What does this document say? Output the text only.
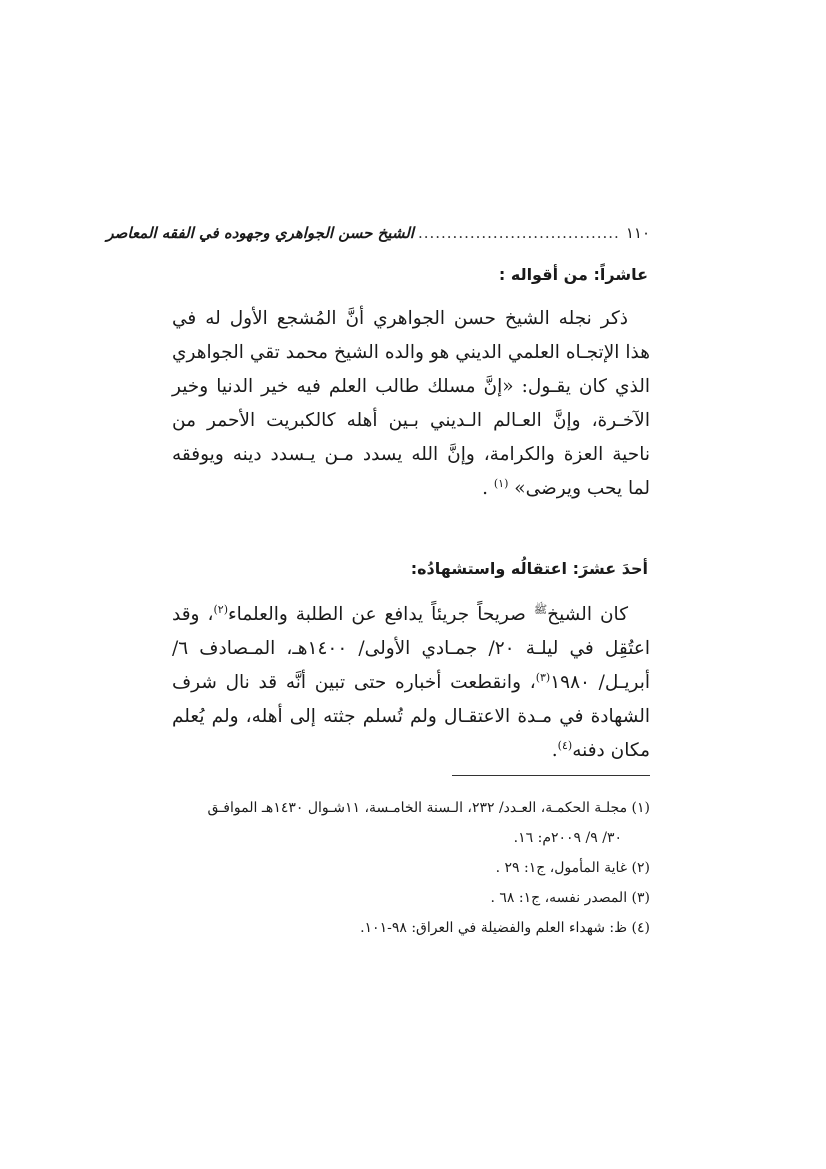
١١٠
...................................
الشيخ حسن الجواهري وجهوده في الفقه المعاصر
عاشراً: من أقواله :

ذكر نجله الشيخ حسن الجواهري أنَّ المُشجع الأول له في هذا الإتجـاه العلمي الديني هو والده الشيخ محمد تقي الجواهري الذي كان يقـول: «إنَّ مسلك طالب العلم فيه خير الدنيا وخير الآخـرة، وإنَّ العـالم الـديني بـين أهله كالكبريت الأحمر من ناحية العزة والكرامة، وإنَّ الله يسدد مـن يـسدد دينه ويوفقه لما يحب ويرضى» $^{(١)}$ .

أحدَ عشرَ: اعتقالُه واستشهادُه:

كان الشيخ$^ﷺ$ صريحاً جريئاً يدافع عن الطلبة والعلماء$^{(٢)}$، وقد اعتُقِل في ليلـة ٢٠/ جمـادي الأولى/ ١٤٠٠هـ، المـصادف ٦/ أبريـل/ ١٩٨٠$^{(٣)}$، وانقطعت أخباره حتى تبين أنَّه قد نال شرف الشهادة في مـدة الاعتقـال ولم تُسلم جثته إلى أهله، ولم يُعلم مكان دفنه$^{(٤)}$.

(١) مجلـة الحكمـة، العـدد/ ٢٣٢، الـسنة الخامـسة، ١١شـوال ١٤٣٠هـ الموافـق
٣٠/ ٩/ ٢٠٠٩م: ١٦.

(٢) غاية المأمول، ج١: ٢٩ .

(٣) المصدر نفسه، ج١: ٦٨ .

(٤) ظ: شهداء العلم والفضيلة في العراق: ٩٨-١٠١.
